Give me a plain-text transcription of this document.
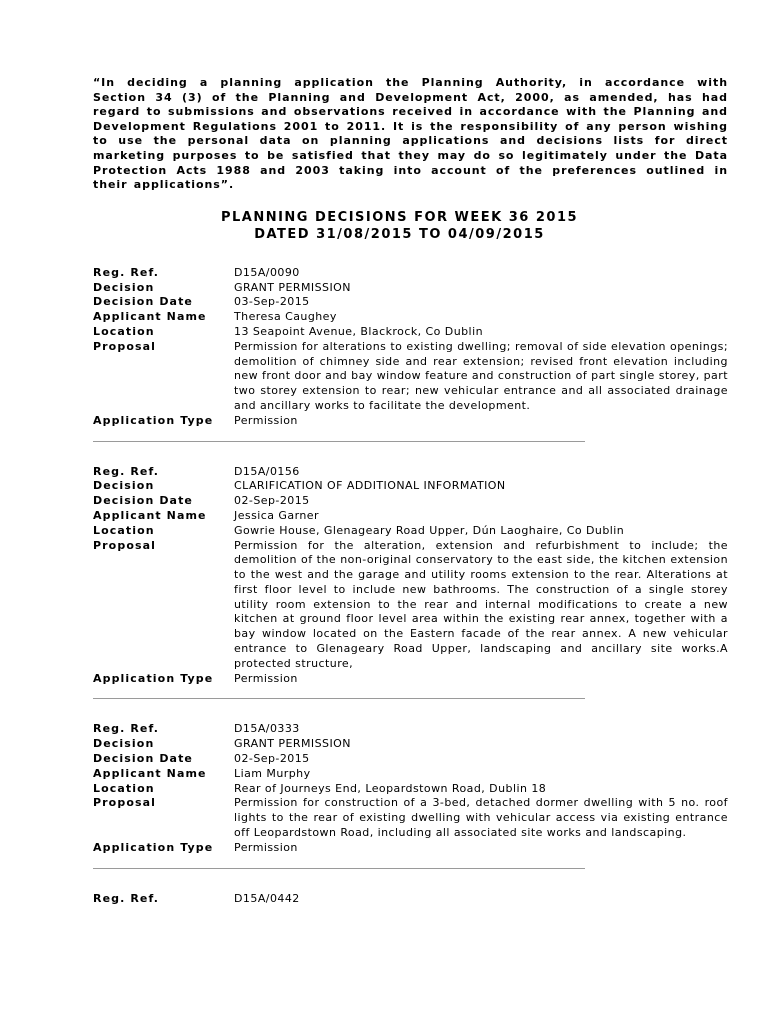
“In deciding a planning application the Planning Authority, in accordance with Section 34 (3) of the Planning and Development Act, 2000, as amended, has had regard to submissions and observations received in accordance with the Planning and Development Regulations 2001 to 2011. It is the responsibility of any person wishing to use the personal data on planning applications and decisions lists for direct marketing purposes to be satisfied that they may do so legitimately under the Data Protection Acts 1988 and 2003 taking into account of the preferences outlined in their applications”.

PLANNING DECISIONS FOR WEEK 36 2015
DATED 31/08/2015 TO 04/09/2015
Reg. Ref.	D15A/0090
Decision	GRANT PERMISSION
Decision Date	03-Sep-2015
Applicant Name	Theresa Caughey
Location	13 Seapoint Avenue, Blackrock, Co Dublin
Proposal	Permission for alterations to existing dwelling; removal of side elevation openings; demolition of chimney side and rear extension; revised front elevation including new front door and bay window feature and construction of part single storey, part two storey extension to rear; new vehicular entrance and all associated drainage and ancillary works to facilitate the development.
Application Type	Permission
Reg. Ref.	D15A/0156
Decision	CLARIFICATION OF ADDITIONAL INFORMATION
Decision Date	02-Sep-2015
Applicant Name	Jessica Garner
Location	Gowrie House, Glenageary Road Upper, Dún Laoghaire, Co Dublin
Proposal	Permission for the alteration, extension and refurbishment to include; the demolition of the non-original conservatory to the east side, the kitchen extension to the west and the garage and utility rooms extension to the rear. Alterations at first floor level to include new bathrooms. The construction of a single storey utility room extension to the rear and internal modifications to create a new kitchen at ground floor level area within the existing rear annex, together with a bay window located on the Eastern facade of the rear annex. A new vehicular entrance to Glenageary Road Upper, landscaping and ancillary site works.A protected structure,
Application Type	Permission
Reg. Ref.	D15A/0333
Decision	GRANT PERMISSION
Decision Date	02-Sep-2015
Applicant Name	Liam Murphy
Location	Rear of Journeys End, Leopardstown Road, Dublin 18
Proposal	Permission for construction of a 3-bed, detached dormer dwelling with 5 no. roof lights to the rear of existing dwelling with vehicular access via existing entrance off Leopardstown Road, including all associated site works and landscaping.
Application Type	Permission
Reg. Ref.	D15A/0442
